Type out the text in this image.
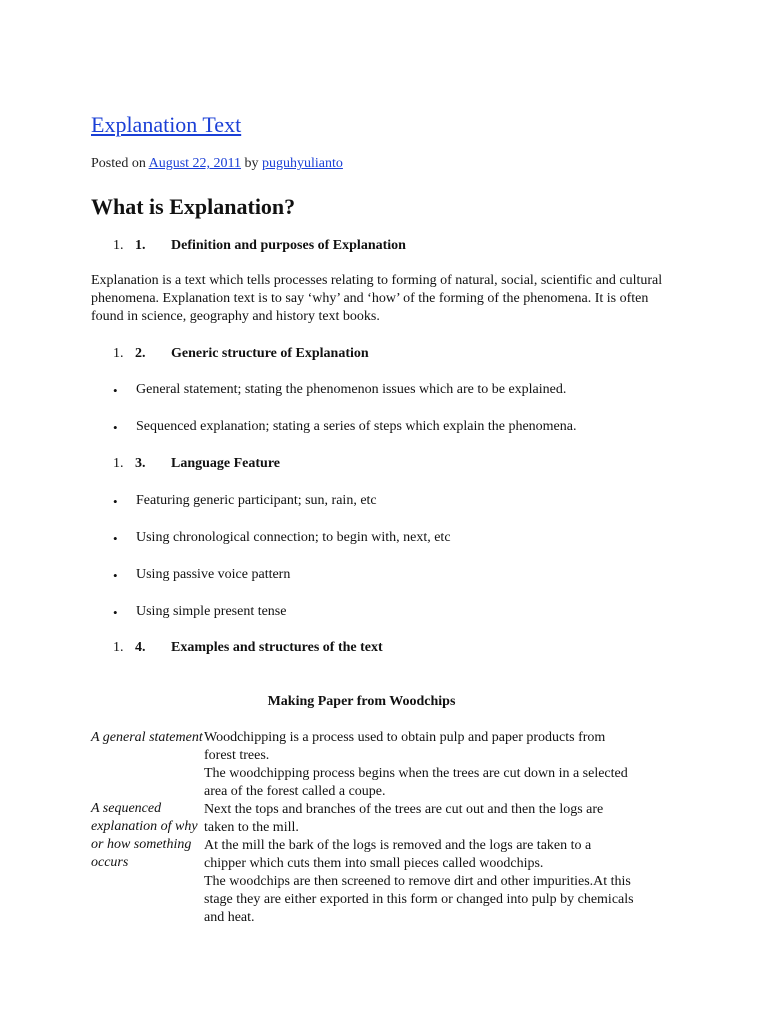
Explanation Text
Posted on August 22, 2011 by puguhyulianto
What is Explanation?
1. 1. Definition and purposes of Explanation
Explanation is a text which tells processes relating to forming of natural, social, scientific and cultural phenomena. Explanation text is to say ‘why’ and ‘how’ of the forming of the phenomena. It is often found in science, geography and history text books.
1. 2. Generic structure of Explanation
• General statement; stating the phenomenon issues which are to be explained.
• Sequenced explanation; stating a series of steps which explain the phenomena.
1. 3. Language Feature
• Featuring generic participant; sun, rain, etc
• Using chronological connection; to begin with, next, etc
• Using passive voice pattern
• Using simple present tense
1. 4. Examples and structures of the text
Making Paper from Woodchips
A general statement
A sequenced explanation of why or how something occurs
Woodchipping is a process used to obtain pulp and paper products from forest trees.
The woodchipping process begins when the trees are cut down in a selected area of the forest called a coupe.
Next the tops and branches of the trees are cut out and then the logs are taken to the mill.
At the mill the bark of the logs is removed and the logs are taken to a chipper which cuts them into small pieces called woodchips.
The woodchips are then screened to remove dirt and other impurities.At this stage they are either exported in this form or changed into pulp by chemicals and heat.
